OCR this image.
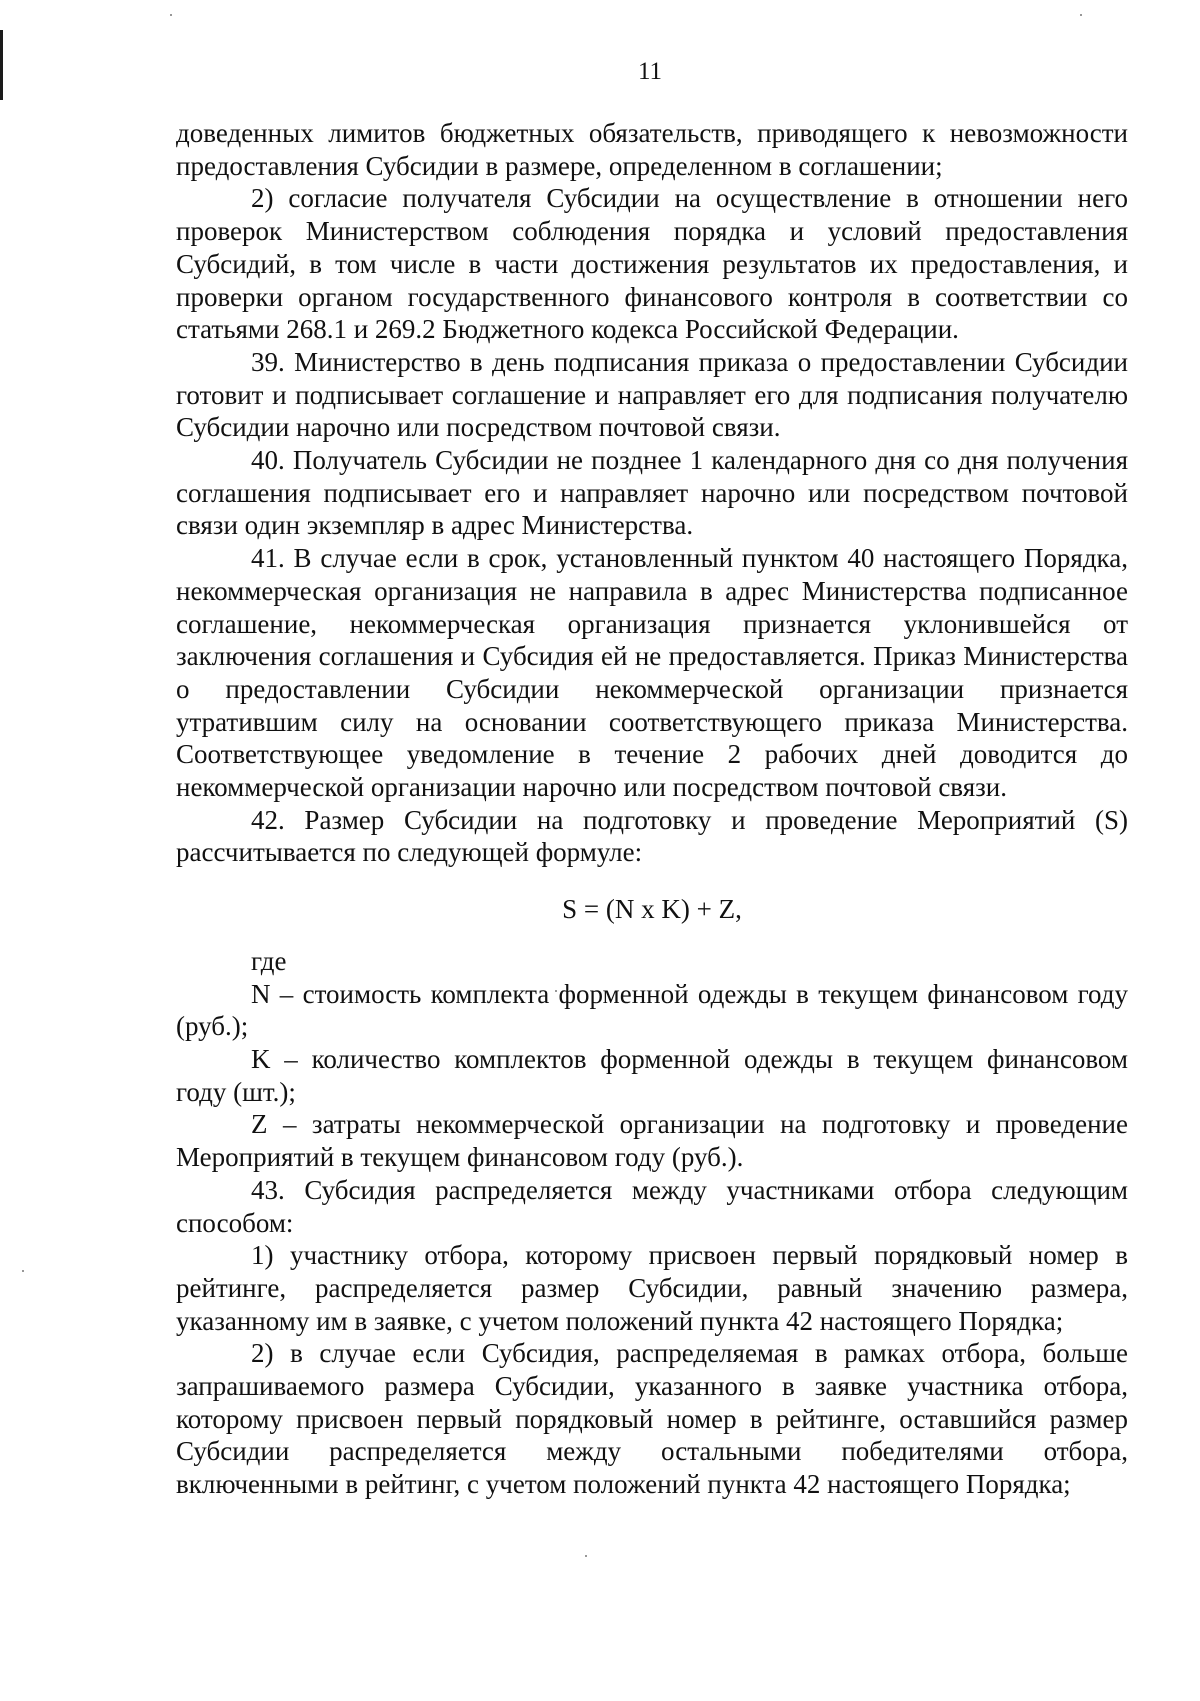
11

доведенных лимитов бюджетных обязательств, приводящего к невозможности предоставления Субсидии в размере, определенном в соглашении;

2) согласие получателя Субсидии на осуществление в отношении него проверок Министерством соблюдения порядка и условий предоставления Субсидий, в том числе в части достижения результатов их предоставления, и проверки органом государственного финансового контроля в соответствии со статьями 268.1 и 269.2 Бюджетного кодекса Российской Федерации.

39. Министерство в день подписания приказа о предоставлении Субсидии готовит и подписывает соглашение и направляет его для подписания получателю Субсидии нарочно или посредством почтовой связи.

40. Получатель Субсидии не позднее 1 календарного дня со дня получения соглашения подписывает его и направляет нарочно или посредством почтовой связи один экземпляр в адрес Министерства.

41. В случае если в срок, установленный пунктом 40 настоящего Порядка, некоммерческая организация не направила в адрес Министерства подписанное соглашение, некоммерческая организация признается уклонившейся от заключения соглашения и Субсидия ей не предоставляется. Приказ Министерства о предоставлении Субсидии некоммерческой организации признается утратившим силу на основании соответствующего приказа Министерства. Соответствующее уведомление в течение 2 рабочих дней доводится до некоммерческой организации нарочно или посредством почтовой связи.

42. Размер Субсидии на подготовку и проведение Мероприятий (S) рассчитывается по следующей формуле:

S = (N x K) + Z,

где

N – стоимость комплекта форменной одежды в текущем финансовом году (руб.);

K – количество комплектов форменной одежды в текущем финансовом году (шт.);

Z – затраты некоммерческой организации на подготовку и проведение Мероприятий в текущем финансовом году (руб.).

43. Субсидия распределяется между участниками отбора следующим способом:

1) участнику отбора, которому присвоен первый порядковый номер в рейтинге, распределяется размер Субсидии, равный значению размера, указанному им в заявке, с учетом положений пункта 42 настоящего Порядка;

2) в случае если Субсидия, распределяемая в рамках отбора, больше запрашиваемого размера Субсидии, указанного в заявке участника отбора, которому присвоен первый порядковый номер в рейтинге, оставшийся размер Субсидии распределяется между остальными победителями отбора, включенными в рейтинг, с учетом положений пункта 42 настоящего Порядка;
